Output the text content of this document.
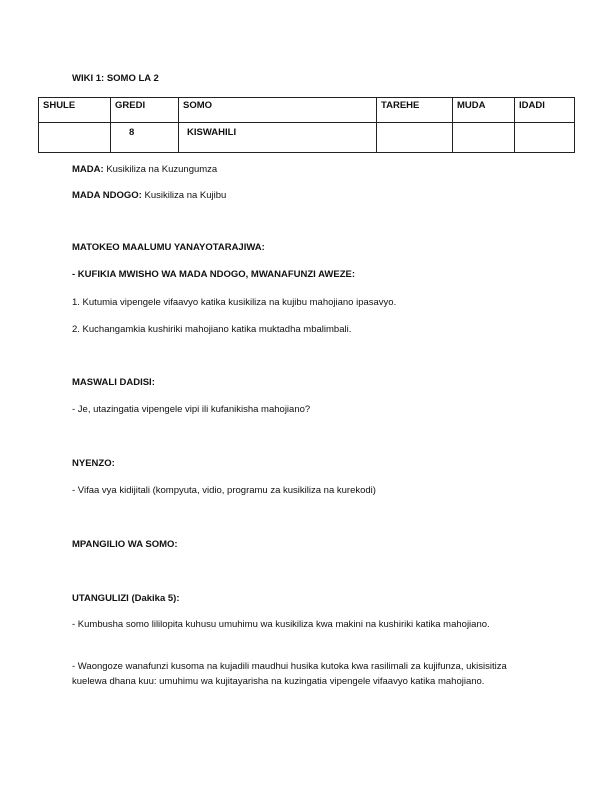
WIKI 1: SOMO LA 2
SHULE	GREDI	SOMO	TAREHE	MUDA	IDADI
	8	KISWAHILI			
MADA: Kusikiliza na Kuzungumza
MADA NDOGO: Kusikiliza na Kujibu
MATOKEO MAALUMU YANAYOTARAJIWA:
- KUFIKIA MWISHO WA MADA NDOGO, MWANAFUNZI AWEZE:
1. Kutumia vipengele vifaavyo katika kusikiliza na kujibu mahojiano ipasavyo.
2. Kuchangamkia kushiriki mahojiano katika muktadha mbalimbali.
MASWALI DADISI:
- Je, utazingatia vipengele vipi ili kufanikisha mahojiano?
NYENZO:
- Vifaa vya kidijitali (kompyuta, vidio, programu za kusikiliza na kurekodi)
MPANGILIO WA SOMO:
UTANGULIZI (Dakika 5):
- Kumbusha somo lililopita kuhusu umuhimu wa kusikiliza kwa makini na kushiriki katika mahojiano.
- Waongoze wanafunzi kusoma na kujadili maudhui husika kutoka kwa rasilimali za kujifunza, ukisisitiza kuelewa dhana kuu: umuhimu wa kujitayarisha na kuzingatia vipengele vifaavyo katika mahojiano.
